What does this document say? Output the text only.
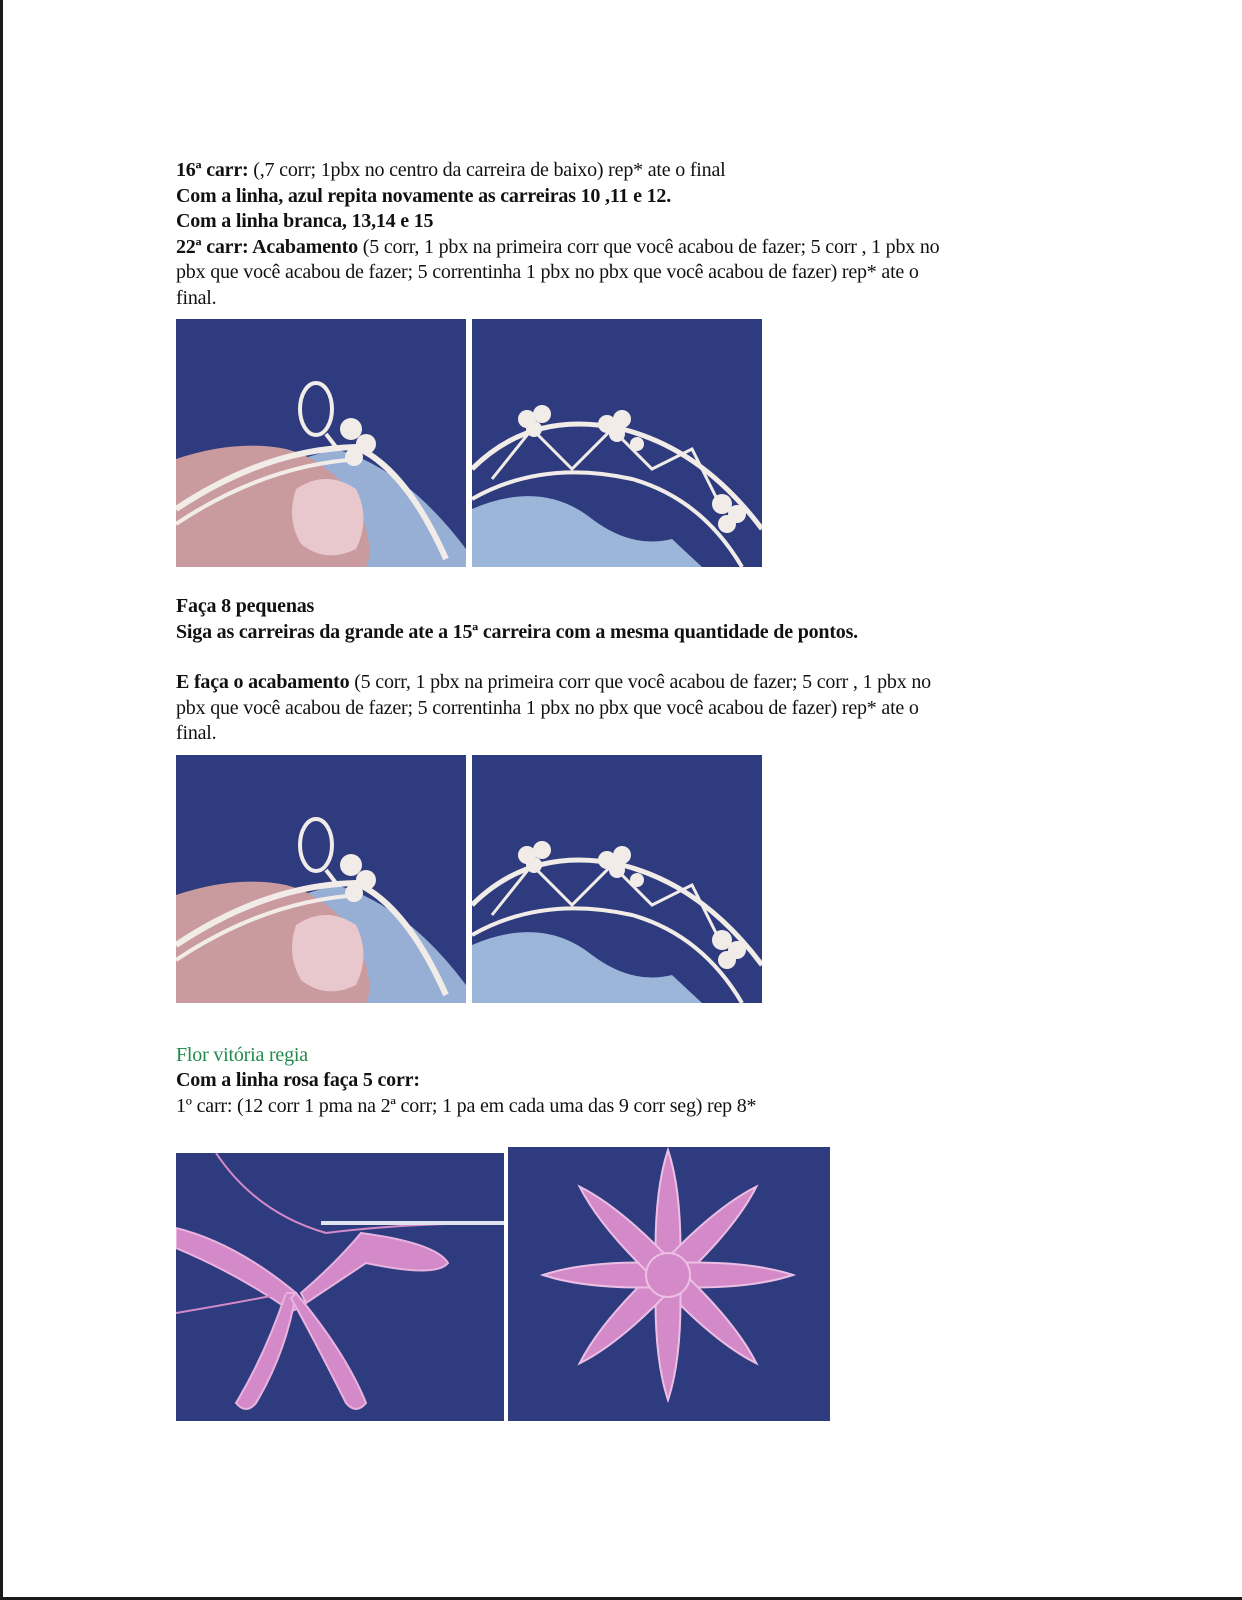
16ª carr: (,7 corr; 1pbx no centro da carreira de baixo) rep* ate o final

Com a linha, azul repita novamente as carreiras 10 ,11 e 12.

Com a linha branca, 13,14 e 15

22ª carr: Acabamento (5 corr, 1 pbx na primeira corr que você acabou de fazer; 5 corr , 1 pbx no

pbx que você acabou de fazer; 5 correntinha 1 pbx no pbx que você acabou de fazer) rep* ate o

final.

Faça 8 pequenas

Siga as carreiras da grande ate a 15ª carreira com a mesma quantidade de pontos.

E faça o acabamento (5 corr, 1 pbx na primeira corr que você acabou de fazer; 5 corr , 1 pbx no

pbx que você acabou de fazer; 5 correntinha 1 pbx no pbx que você acabou de fazer) rep* ate o

final.

Flor vitória regia

Com a linha rosa faça 5 corr:

1º carr: (12 corr 1 pma na 2ª corr; 1 pa em cada uma das 9 corr seg) rep 8*
